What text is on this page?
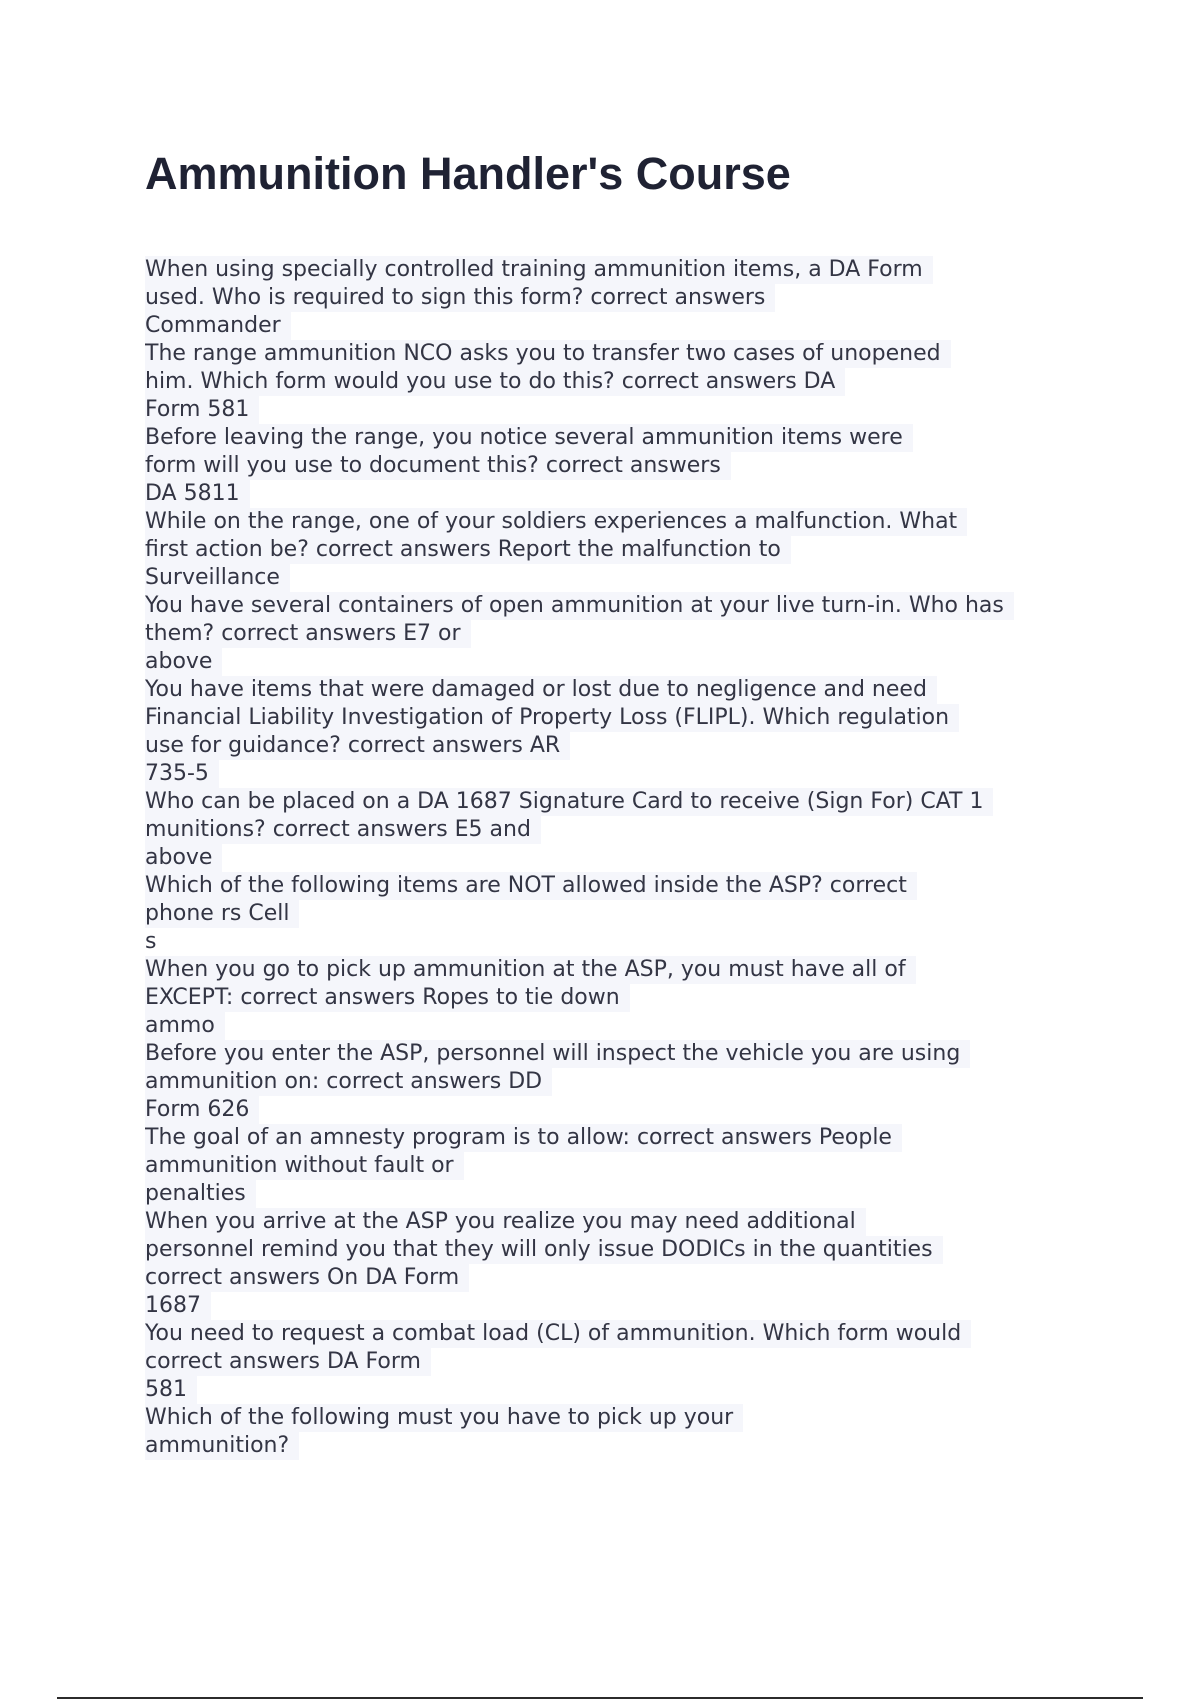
Ammunition Handler's Course
When using specially controlled training ammunition items, a DA Form
used. Who is required to sign this form? correct answers
Commander
The range ammunition NCO asks you to transfer two cases of unopened
him. Which form would you use to do this? correct answers DA
Form 581
Before leaving the range, you notice several ammunition items were
form will you use to document this? correct answers
DA 5811
While on the range, one of your soldiers experiences a malfunction. What
first action be? correct answers Report the malfunction to
Surveillance
You have several containers of open ammunition at your live turn-in. Who has
them? correct answers E7 or
above
You have items that were damaged or lost due to negligence and need
Financial Liability Investigation of Property Loss (FLIPL). Which regulation
use for guidance? correct answers AR
735-5
Who can be placed on a DA 1687 Signature Card to receive (Sign For) CAT 1
munitions? correct answers E5 and
above
Which of the following items are NOT allowed inside the ASP? correct
phone rs Cell
s
When you go to pick up ammunition at the ASP, you must have all of
EXCEPT: correct answers Ropes to tie down
ammo
Before you enter the ASP, personnel will inspect the vehicle you are using
ammunition on: correct answers DD
Form 626
The goal of an amnesty program is to allow: correct answers People
ammunition without fault or
penalties
When you arrive at the ASP you realize you may need additional
personnel remind you that they will only issue DODICs in the quantities
correct answers On DA Form
1687
You need to request a combat load (CL) of ammunition. Which form would
correct answers DA Form
581
Which of the following must you have to pick up your
ammunition?
